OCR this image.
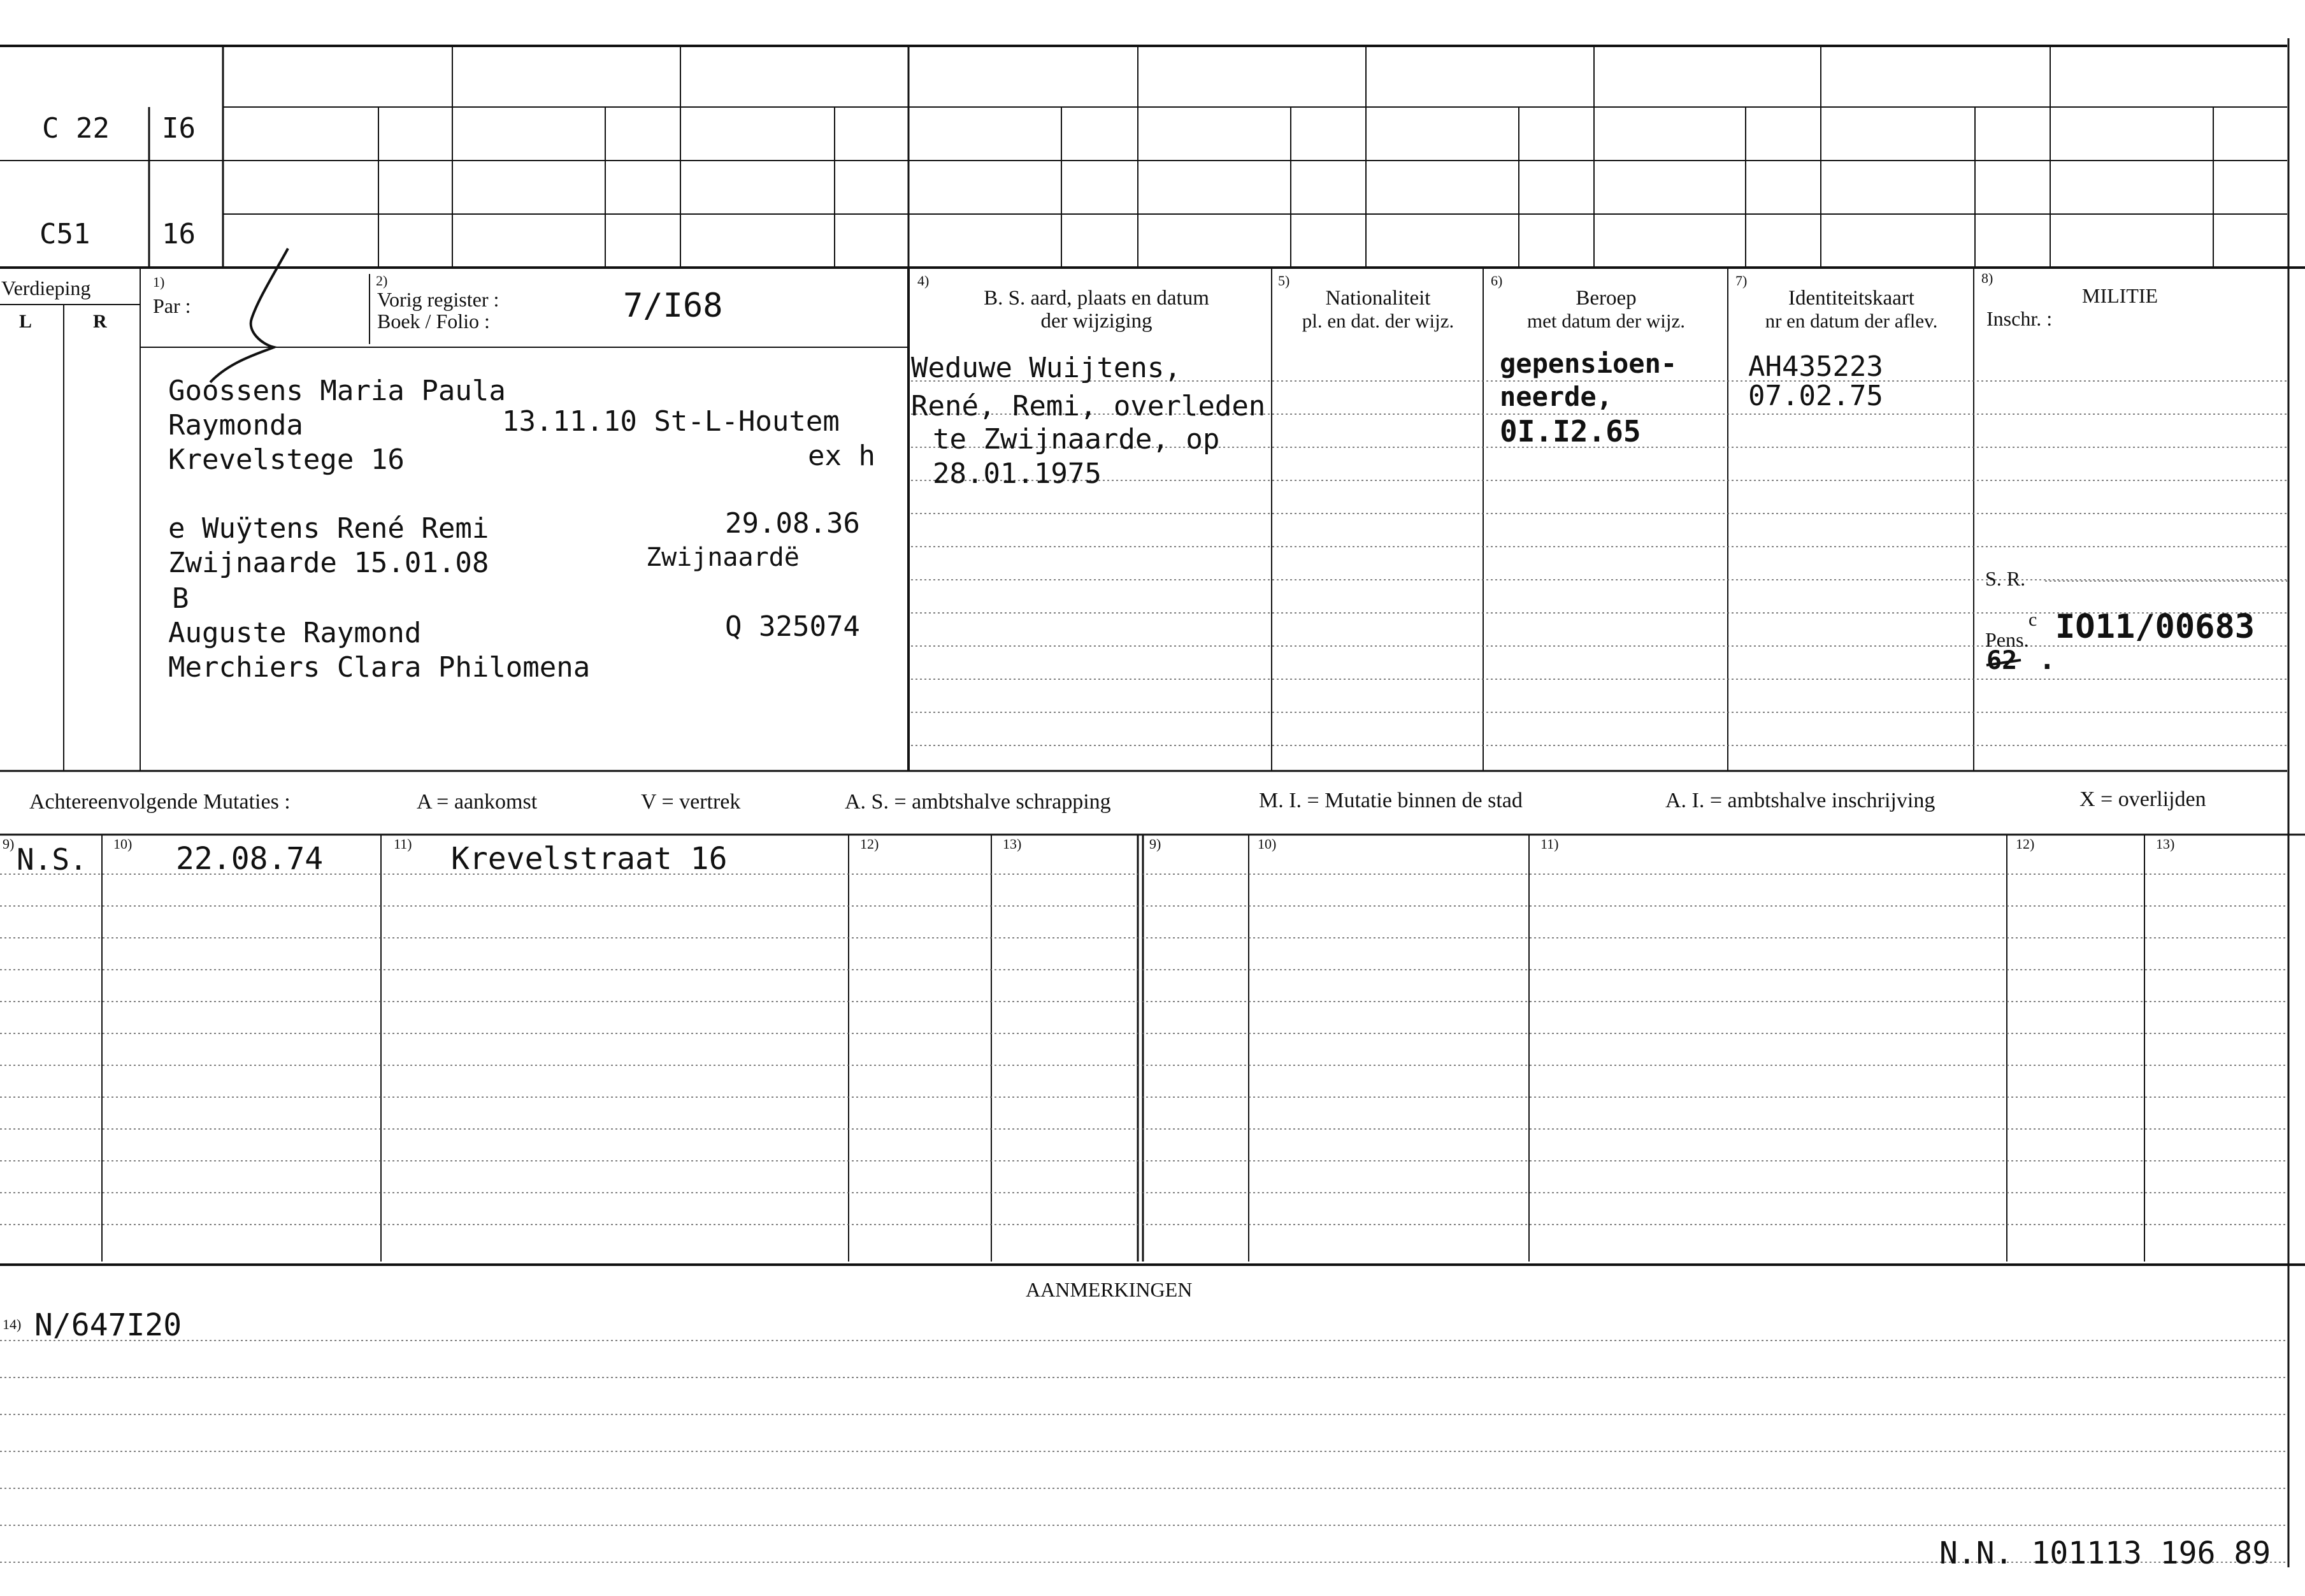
C 22 I6
C51	16
Verdieping
L	R
1)
Par :
2)
Vorig register :
Boek / Folio :	7/I68
4)
B. S. aard, plaats en datum
der wijziging
5)
Nationaliteit
pl. en dat. der wijz.
6)
Beroep
met datum der wijz.
7)
Identiteitskaart
nr en datum der aflev.
8)
MILITIE
Inschr. :
Goossens Maria Paula
Raymonda	13.11.10 St-L-Houtem
Krevelstege 16	ex h
e Wuÿtens René Remi	29.08.36
Zwijnaarde 15.01.08	Zwijnaardë
B
Auguste Raymond	Q 325074
Merchiers Clara Philomena
Weduwe Wuijtens,
René, Remi, overleden
te Zwijnaarde, op
28.01.1975
gepensioen-
neerde,
0I.I2.65
AH435223
07.02.75
S. R.
Pens.
c IO11/00683
62 .
Achtereenvolgende Mutaties :	A = aankomst	V = vertrek	A. S. = ambtshalve schrapping	M. I. = Mutatie binnen de stad	A. I. = ambtshalve inschrijving	X = overlijden
9)	10)	11)	12)	13)	9)	10)	11)	12)	13)
N.S.	22.08.74	Krevelstraat 16
AANMERKINGEN
14) N/647I20
N.N. 101113 196 89
